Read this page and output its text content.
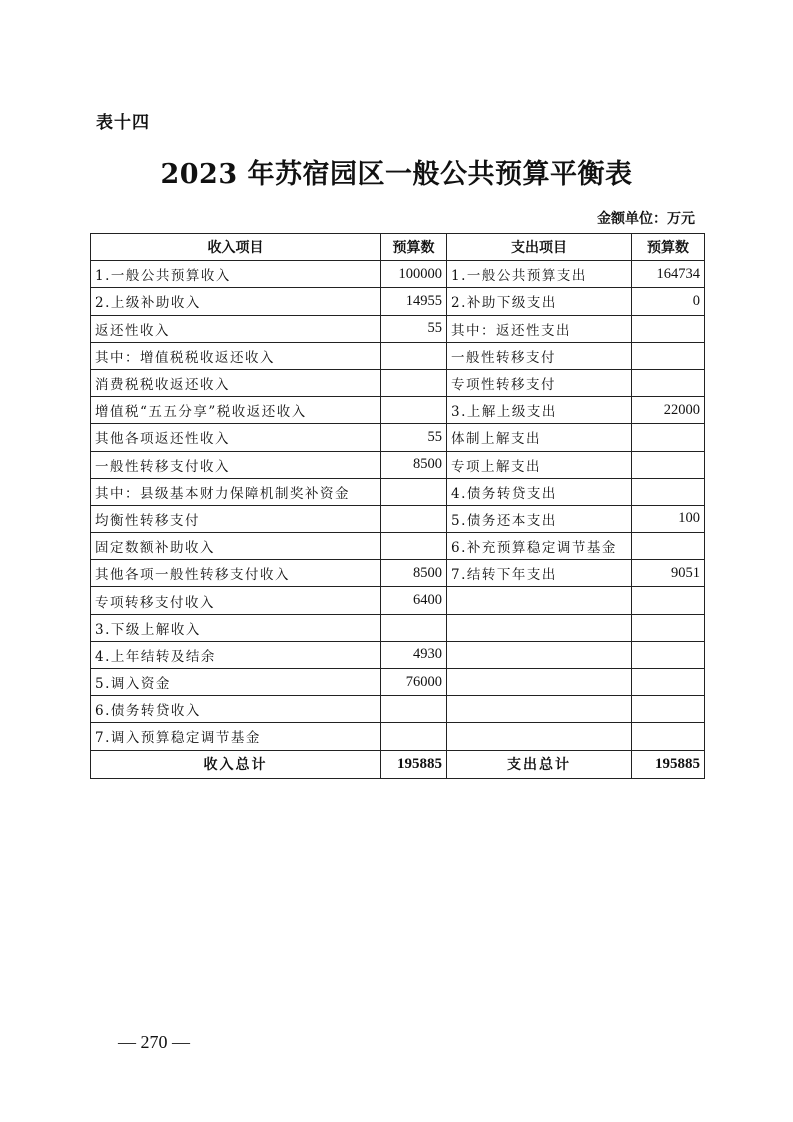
表十四
2023 年苏宿园区一般公共预算平衡表
金额单位：万元
收入项目	预算数	支出项目	预算数
1.一般公共预算收入	100000	1.一般公共预算支出	164734
2.上级补助收入	14955	2.补助下级支出	0
返还性收入	55	其中：返还性支出	
其中：增值税税收返还收入		一般性转移支付	
消费税税收返还收入		专项性转移支付	
增值税“五五分享”税收返还收入		3.上解上级支出	22000
其他各项返还性收入	55	体制上解支出	
一般性转移支付收入	8500	专项上解支出	
其中：县级基本财力保障机制奖补资金		4.债务转贷支出	
均衡性转移支付		5.债务还本支出	100
固定数额补助收入		6.补充预算稳定调节基金	
其他各项一般性转移支付收入	8500	7.结转下年支出	9051
专项转移支付收入	6400		
3.下级上解收入			
4.上年结转及结余	4930		
5.调入资金	76000		
6.债务转贷收入			
7.调入预算稳定调节基金			
收入总计	195885	支出总计	195885
— 270 —
